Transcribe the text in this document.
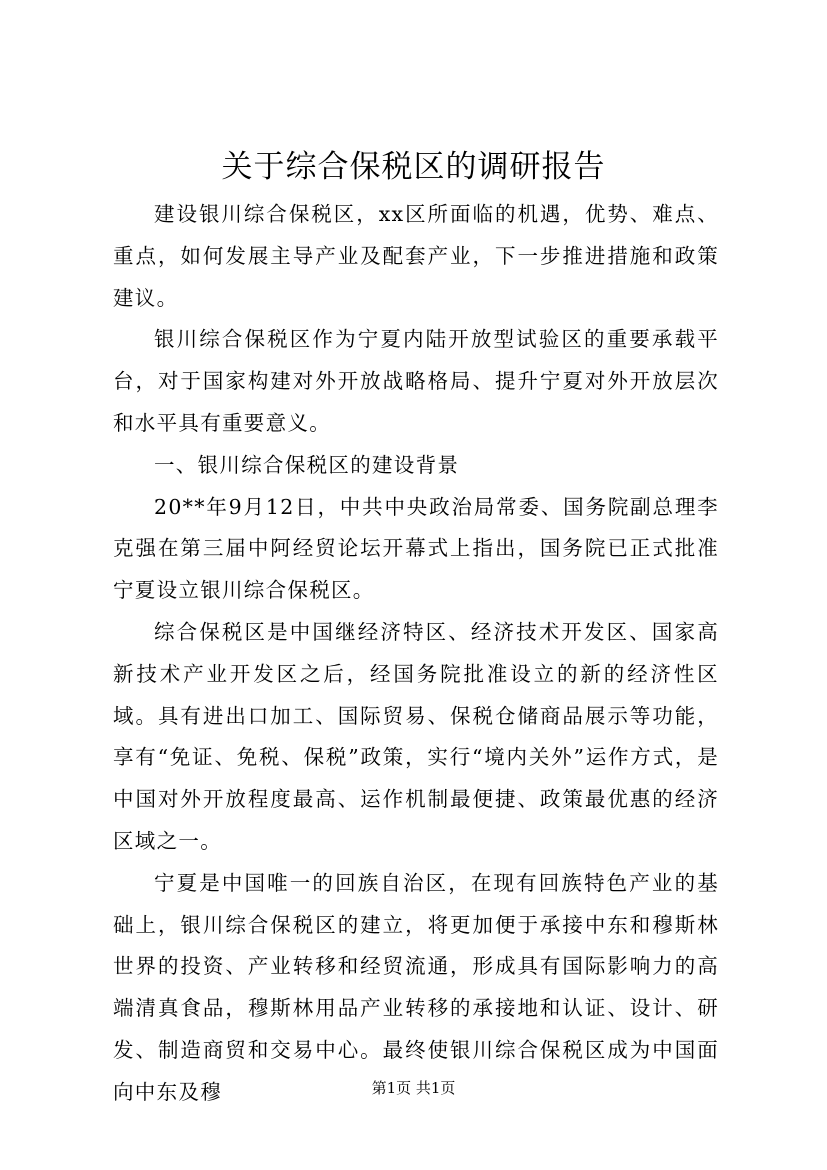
关于综合保税区的调研报告

建设银川综合保税区，xx区所面临的机遇，优势、难点、重点，如何发展主导产业及配套产业，下一步推进措施和政策建议。

银川综合保税区作为宁夏内陆开放型试验区的重要承载平台，对于国家构建对外开放战略格局、提升宁夏对外开放层次和水平具有重要意义。

一、银川综合保税区的建设背景

20**年9月12日，中共中央政治局常委、国务院副总理李克强在第三届中阿经贸论坛开幕式上指出，国务院已正式批准宁夏设立银川综合保税区。

综合保税区是中国继经济特区、经济技术开发区、国家高新技术产业开发区之后，经国务院批准设立的新的经济性区域。具有进出口加工、国际贸易、保税仓储商品展示等功能，享有“免证、免税、保税”政策，实行“境内关外”运作方式，是中国对外开放程度最高、运作机制最便捷、政策最优惠的经济区域之一。

宁夏是中国唯一的回族自治区，在现有回族特色产业的基础上，银川综合保税区的建立，将更加便于承接中东和穆斯林世界的投资、产业转移和经贸流通，形成具有国际影响力的高端清真食品，穆斯林用品产业转移的承接地和认证、设计、研发、制造商贸和交易中心。最终使银川综合保税区成为中国面向中东及穆	第1页 共1页
